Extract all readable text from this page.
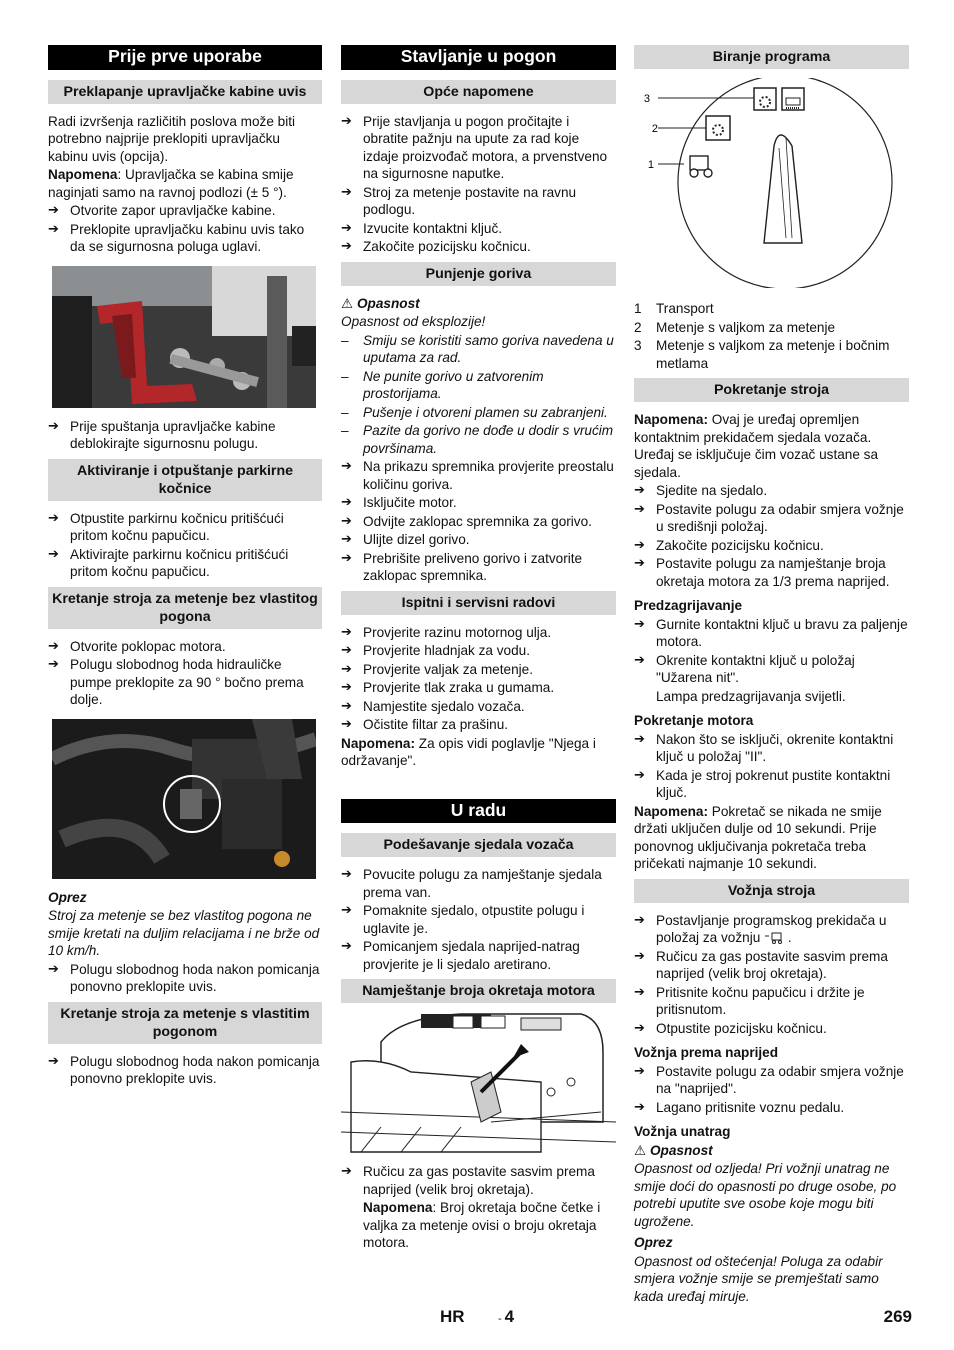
Prije prve uporabe
Preklapanje upravljačke kabine uvis

Radi izvršenja različitih poslova može biti potrebno najprije preklopiti upravljačku kabinu uvis (opcija).

Napomena: Upravljačka se kabina smije naginjati samo na ravnoj podlozi (± 5 °).

➔ Otvorite zapor upravljačke kabine.
➔ Preklopite upravljačku kabinu uvis tako da se sigurnosna poluga uglavi.
➔ Prije spuštanja upravljačke kabine deblokirajte sigurnosnu polugu.
Aktiviranje i otpuštanje parkirne kočnice
➔ Otpustite parkirnu kočnicu pritišćući pritom kočnu papučicu.
➔ Aktivirajte parkirnu kočnicu pritišćući pritom kočnu papučicu.
Kretanje stroja za metenje bez vlastitog pogona
➔ Otvorite poklopac motora.
➔ Polugu slobodnog hoda hidrauličke pumpe preklopite za 90 ° bočno prema dolje.

Oprez

Stroj za metenje se bez vlastitog pogona ne smije kretati na duljim relacijama i ne brže od 10 km/h.

➔ Polugu slobodnog hoda nakon pomicanja ponovno preklopite uvis.
Kretanje stroja za metenje s vlastitim pogonom
➔ Polugu slobodnog hoda nakon pomicanja ponovno preklopite uvis.
Stavljanje u pogon
Opće napomene
➔ Prije stavljanja u pogon pročitajte i obratite pažnju na upute za rad koje izdaje proizvođač motora, a prvenstveno na sigurnosne naputke.
➔ Stroj za metenje postavite na ravnu podlogu.
➔ Izvucite kontaktni ključ.
➔ Zakočite pozicijsku kočnicu.
Punjenje goriva

⚠ Opasnost

Opasnost od eksplozije!

– Smiju se koristiti samo goriva navedena u uputama za rad.
– Ne punite gorivo u zatvorenim prostorijama.
– Pušenje i otvoreni plamen su zabranjeni.
– Pazite da gorivo ne dođe u dodir s vrućim površinama.
➔ Na prikazu spremnika provjerite preostalu količinu goriva.
➔ Isključite motor.
➔ Odvijte zaklopac spremnika za gorivo.
➔ Ulijte dizel gorivo.
➔ Prebrišite preliveno gorivo i zatvorite zaklopac spremnika.
Ispitni i servisni radovi
➔ Provjerite razinu motornog ulja.
➔ Provjerite hladnjak za vodu.
➔ Provjerite valjak za metenje.
➔ Provjerite tlak zraka u gumama.
➔ Namjestite sjedalo vozača.
➔ Očistite filtar za prašinu.

Napomena: Za opis vidi poglavlje "Njega i održavanje".

U radu
Podešavanje sjedala vozača
➔ Povucite polugu za namještanje sjedala prema van.
➔ Pomaknite sjedalo, otpustite polugu i uglavite je.
➔ Pomicanjem sjedala naprijed-natrag provjerite je li sjedalo aretirano.
Namještanje broja okretaja motora
➔ Ručicu za gas postavite sasvim prema naprijed (velik broj okretaja).

Napomena: Broj okretaja bočne četke i valjka za metenje ovisi o broju okretaja motora.

Biranje programa
3
2
1
1 Transport
2 Metenje s valjkom za metenje
3 Metenje s valjkom za metenje i bočnim metlama
Pokretanje stroja

Napomena: Ovaj je uređaj opremljen kontaktnim prekidačem sjedala vozača. Uređaj se isključuje čim vozač ustane sa sjedala.

➔ Sjedite na sjedalo.
➔ Postavite polugu za odabir smjera vožnje u središnji položaj.
➔ Zakočite pozicijsku kočnicu.
➔ Postavite polugu za namještanje broja okretaja motora za 1/3 prema naprijed.

Predzagrijavanje

➔ Gurnite kontaktni ključ u bravu za paljenje motora.
➔ Okrenite kontaktni ključ u položaj "Užarena nit".

Lampa predzagrijavanja svijetli.

Pokretanje motora

➔ Nakon što se isključi, okrenite kontaktni ključ u položaj "II".
➔ Kada je stroj pokrenut pustite kontaktni ključ.

Napomena: Pokretač se nikada ne smije držati uključen dulje od 10 sekundi. Prije ponovnog uključivanja pokretača treba pričekati najmanje 10 sekundi.

Vožnja stroja
➔ Postavljanje programskog prekidača u položaj za vožnju  .
➔ Ručicu za gas postavite sasvim prema naprijed (velik broj okretaja).
➔ Pritisnite kočnu papučicu i držite je pritisnutom.
➔ Otpustite pozicijsku kočnicu.

Vožnja prema naprijed

➔ Postavite polugu za odabir smjera vožnje na "naprijed".
➔ Lagano pritisnite voznu pedalu.

Vožnja unatrag

⚠ Opasnost

Opasnost od ozljeda! Pri vožnji unatrag ne smije doći do opasnosti po druge osobe, po potrebi uputite sve osobe koje mogu biti ugrožene.

Oprez

Opasnost od oštećenja! Poluga za odabir smjera vožnje smije se premještati samo kada uređaj miruje.

HR	- 4	269
